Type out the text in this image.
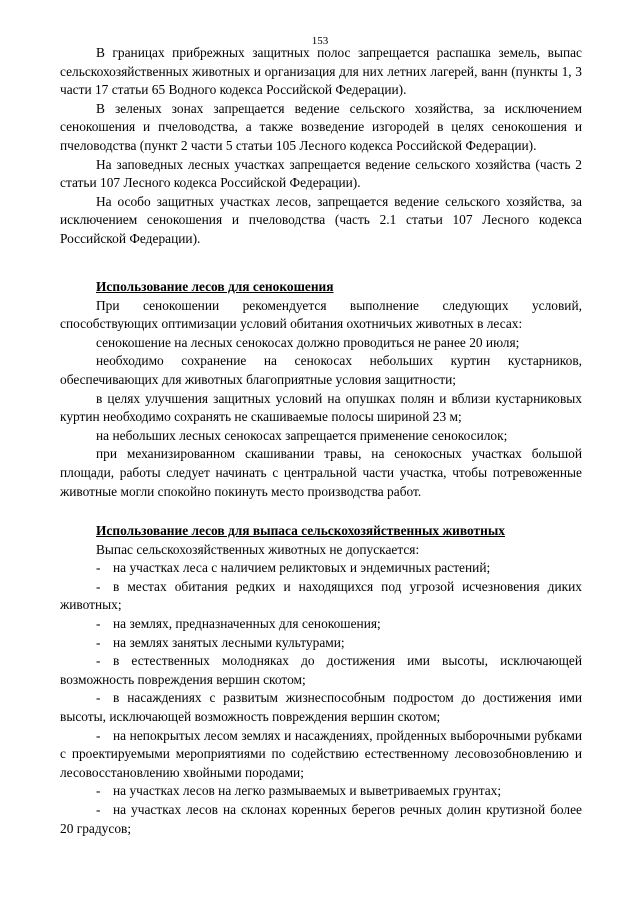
153

В границах прибрежных защитных полос запрещается распашка земель, выпас сельскохозяйственных животных и организация для них летних лагерей, ванн (пункты 1, 3 части 17 статьи 65 Водного кодекса Российской Федерации).

В зеленых зонах запрещается ведение сельского хозяйства, за исключением сенокошения и пчеловодства, а также возведение изгородей в целях сенокошения и пчеловодства (пункт 2 части 5 статьи 105 Лесного кодекса Российской Федерации).

На заповедных лесных участках запрещается ведение сельского хозяйства (часть 2 статьи 107 Лесного кодекса Российской Федерации).

На особо защитных участках лесов, запрещается ведение сельского хозяйства, за исключением сенокошения и пчеловодства (часть 2.1 статьи 107 Лесного кодекса Российской Федерации).

Использование лесов для сенокошения

При сенокошении рекомендуется выполнение следующих условий, способствующих оптимизации условий обитания охотничьих животных в лесах:

сенокошение на лесных сенокосах должно проводиться не ранее 20 июля;

необходимо сохранение на сенокосах небольших куртин кустарников, обеспечивающих для животных благоприятные условия защитности;

в целях улучшения защитных условий на опушках полян и вблизи кустарниковых куртин необходимо сохранять не скашиваемые полосы шириной 23 м;

на небольших лесных сенокосах запрещается применение сенокосилок;

при механизированном скашивании травы, на сенокосных участках большой площади, работы следует начинать с центральной части участка, чтобы потревоженные животные могли спокойно покинуть место производства работ.

Использование лесов для выпаса сельскохозяйственных животных

Выпас сельскохозяйственных животных не допускается:

- на участках леса с наличием реликтовых и эндемичных растений;

- в местах обитания редких и находящихся под угрозой исчезновения диких животных;

- на землях, предназначенных для сенокошения;

- на землях занятых лесными культурами;

- в естественных молодняках до достижения ими высоты, исключающей возможность повреждения вершин скотом;

- в насаждениях с развитым жизнеспособным подростом до достижения ими высоты, исключающей возможность повреждения вершин скотом;

- на непокрытых лесом землях и насаждениях, пройденных выборочными рубками с проектируемыми мероприятиями по содействию естественному лесовозобновлению и лесовосстановлению хвойными породами;

- на участках лесов на легко размываемых и выветриваемых грунтах;

- на участках лесов на склонах коренных берегов речных долин крутизной более 20 градусов;
